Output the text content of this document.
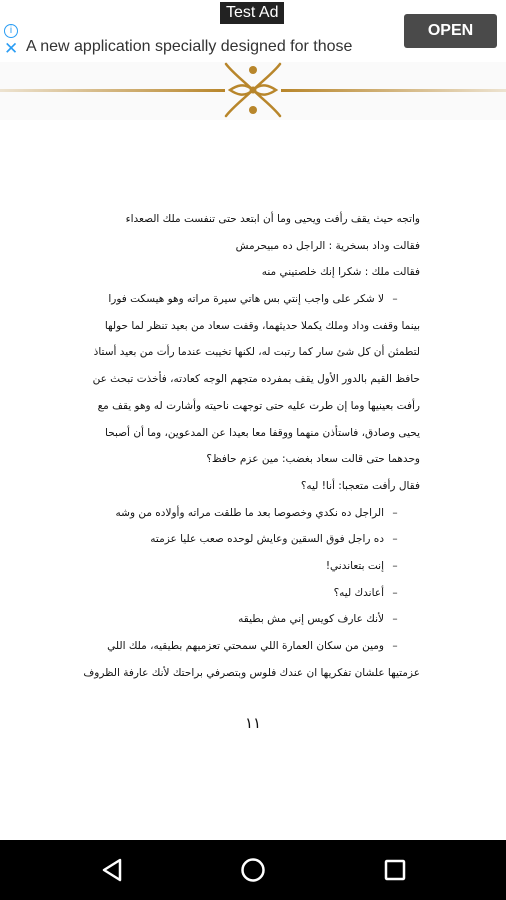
Test Ad
i
✕ A new application specially designed for those
OPEN
واتجه حيث يقف رأفت ويحيى وما أن ابتعد حتى تنفست ملك الصعداء
فقالت وداد بسخرية : الراجل ده مبيحرمش
فقالت ملك : شكرا إنك خلصتيني منه
–لا شكر على واجب إنتي بس هاتي سيرة مراته وهو هيسكت فورا
بينما وقفت وداد وملك يكملا حديثهما، وقفت سعاد من بعيد تنظر لما حولها
لتطمئن أن كل شئ سار كما رتبت له، لكنها تخيبت عندما رأت من بعيد أستاذ
حافظ القيم بالدور الأول يقف بمفرده متجهم الوجه كعادته، فأخذت تبحث عن
رأفت بعينيها وما إن طرت عليه حتى توجهت ناحيته وأشارت له وهو يقف مع
يحيى وصادق، فاستأذن منهما ووقفا معا بعيدا عن المدعوين، وما أن أصبحا
وحدهما حتى قالت سعاد بغضب: مين عزم حافظ؟
فقال رأفت متعجبا: أنا! ليه؟
–الراجل ده نكدي وخصوصا بعد ما طلقت مراته وأولاده من وشه
–ده راجل فوق السقين وعايش لوحده صعب عليا عزمته
–إنت بتعاندني!
–أعاندك ليه؟
–لأنك عارف كويس إني مش بطيقه
–ومين من سكان العمارة اللي سمحتي تعزميهم بطيقيه، ملك اللي
عزمتيها علشان تفكريها ان عندك فلوس وبتصرفي براحتك لأنك عارفة الظروف
١١
